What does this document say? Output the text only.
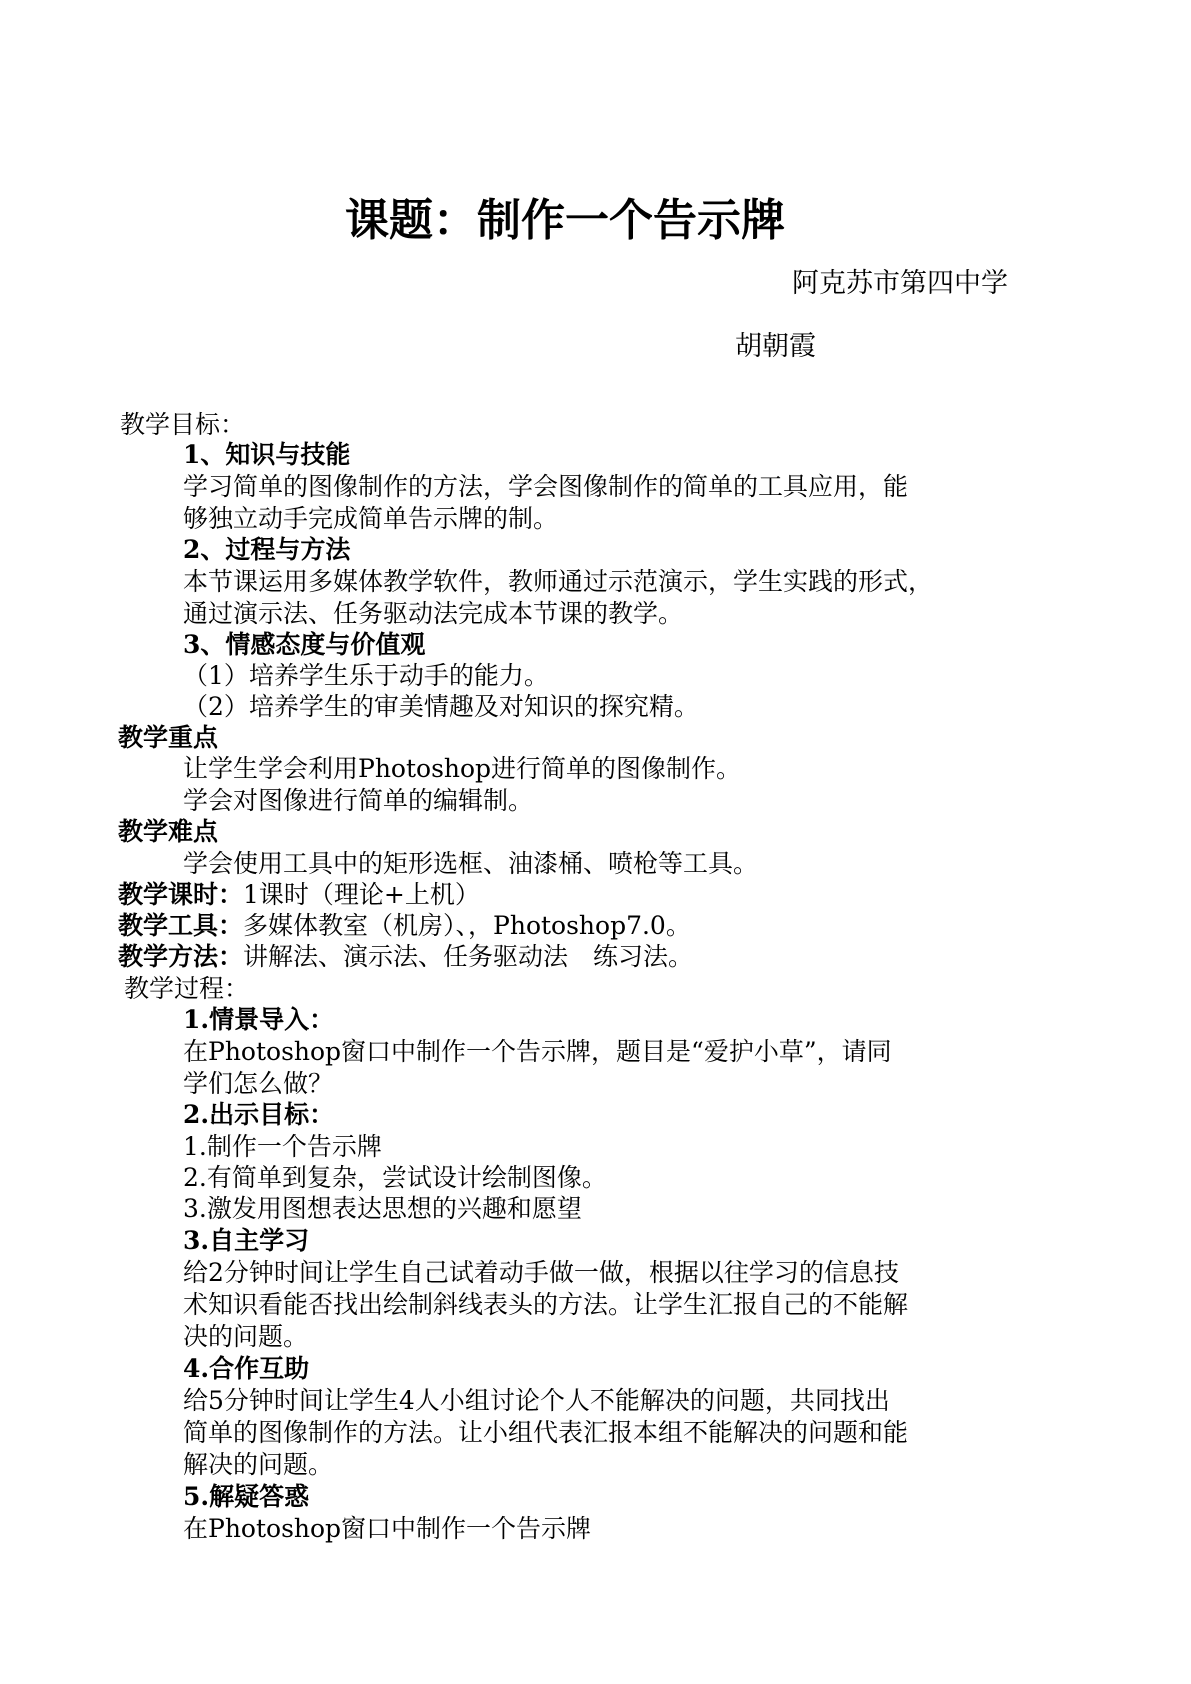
课题：制作一个告示牌
阿克苏市第四中学
胡朝霞
教学目标：
1、知识与技能
学习简单的图像制作的方法，学会图像制作的简单的工具应用，能
够独立动手完成简单告示牌的制。
2、过程与方法
本节课运用多媒体教学软件，教师通过示范演示，学生实践的形式，
通过演示法、任务驱动法完成本节课的教学。
3、情感态度与价值观
（1）培养学生乐于动手的能力。
（2）培养学生的审美情趣及对知识的探究精。
教学重点
让学生学会利用Photoshop进行简单的图像制作。
学会对图像进行简单的编辑制。
教学难点
学会使用工具中的矩形选框、油漆桶、喷枪等工具。
教学课时：1课时（理论+上机）
教学工具：多媒体教室（机房）、，Photoshop7.0。
教学方法：讲解法、演示法、任务驱动法　练习法。
教学过程：
1.情景导入：
在Photoshop窗口中制作一个告示牌，题目是“爱护小草”，请同
学们怎么做？
2.出示目标：
1.制作一个告示牌
2.有简单到复杂，尝试设计绘制图像。
3.激发用图想表达思想的兴趣和愿望
3.自主学习
给2分钟时间让学生自己试着动手做一做，根据以往学习的信息技
术知识看能否找出绘制斜线表头的方法。让学生汇报自己的不能解
决的问题。
4.合作互助
给5分钟时间让学生4人小组讨论个人不能解决的问题，共同找出
简单的图像制作的方法。让小组代表汇报本组不能解决的问题和能
解决的问题。
5.解疑答惑
在Photoshop窗口中制作一个告示牌
